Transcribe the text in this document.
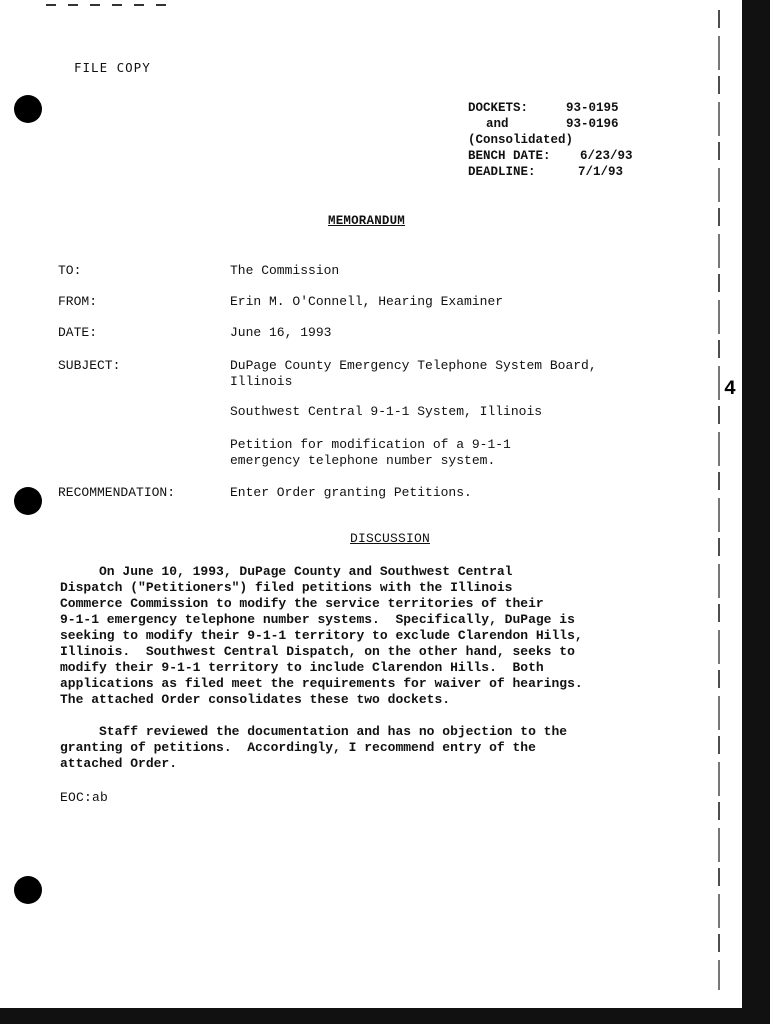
4
FILE COPY
DOCKETS:	93-0195
and	93-0196
(Consolidated)
BENCH DATE: 6/23/93
DEADLINE:	7/1/93
MEMORANDUM
TO:	The Commission
FROM:	Erin M. O'Connell, Hearing Examiner
DATE:	June 16, 1993
SUBJECT:	DuPage County Emergency Telephone System Board, Illinois
Southwest Central 9-1-1 System, Illinois
Petition for modification of a 9-1-1 emergency telephone number system.
RECOMMENDATION:	Enter Order granting Petitions.
DISCUSSION
On June 10, 1993, DuPage County and Southwest Central
Dispatch ("Petitioners") filed petitions with the Illinois
Commerce Commission to modify the service territories of their
9-1-1 emergency telephone number systems.  Specifically, DuPage is
seeking to modify their 9-1-1 territory to exclude Clarendon Hills,
Illinois.  Southwest Central Dispatch, on the other hand, seeks to
modify their 9-1-1 territory to include Clarendon Hills.  Both
applications as filed meet the requirements for waiver of hearings.
The attached Order consolidates these two dockets.
Staff reviewed the documentation and has no objection to the
granting of petitions.  Accordingly, I recommend entry of the
attached Order.
EOC:ab
